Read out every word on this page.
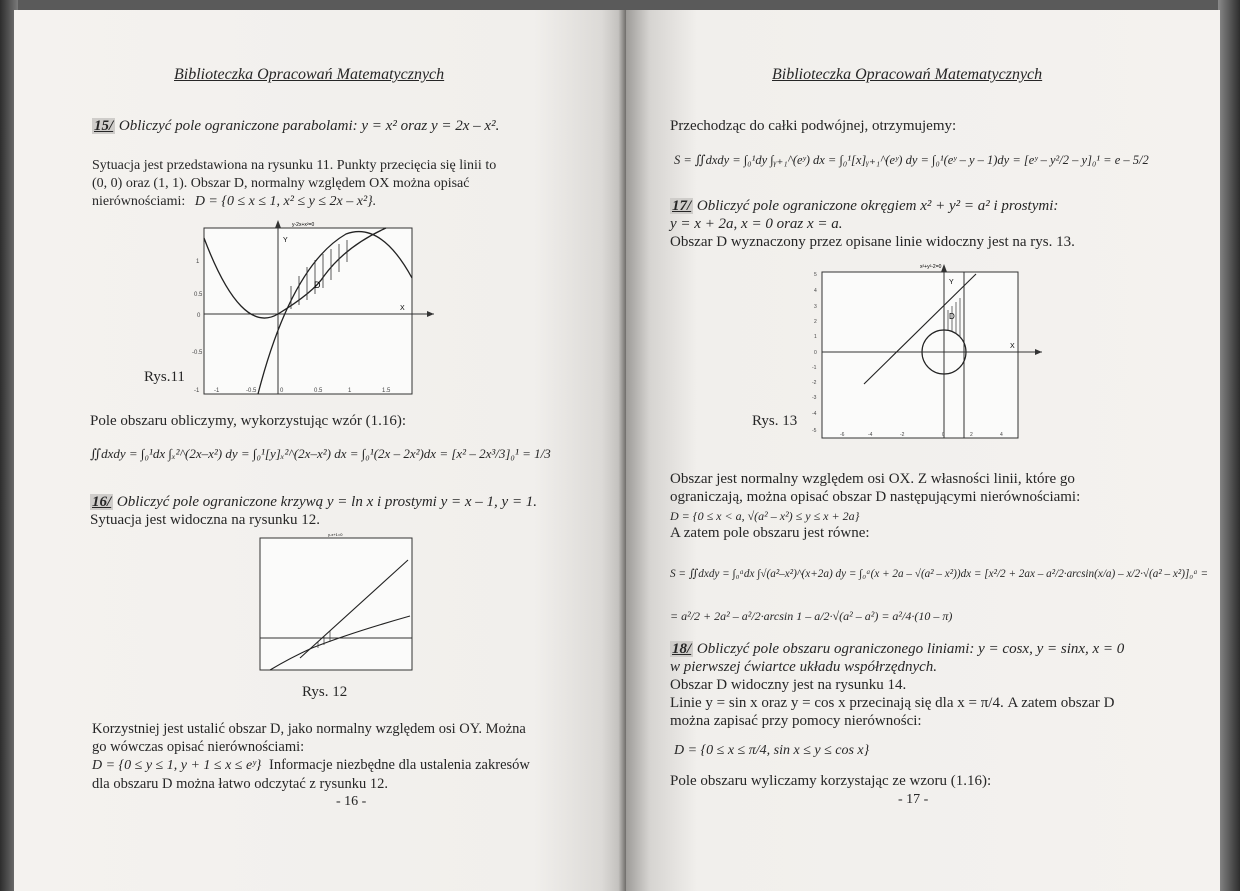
Biblioteczka Opracowań Matematycznych
15/ Obliczyć pole ograniczone parabolami: y = x² oraz y = 2x – x².
Sytuacja jest przedstawiona na rysunku 11. Punkty przecięcia się linii to
(0, 0) oraz (1, 1). Obszar D, normalny względem OX można opisać
nierównościami: D = {0 ≤ x ≤ 1, x² ≤ y ≤ 2x – x²}.
D
Y
X
y-2x+x²=0
1
0.5
0
-0.5
-1 -1	-0.5	0	0.5	1	1.5
Rys.11
Pole obszaru obliczymy, wykorzystując wzór (1.16):
∬dxdy = ∫₀¹dx ∫ₓ²^(2x–x²) dy = ∫₀¹[y]ₓ²^(2x–x²) dx = ∫₀¹(2x – 2x²)dx = [x² – 2x³/3]₀¹ = 1/3
16/ Obliczyć pole ograniczone krzywą y = ln x i prostymi y = x – 1, y = 1.
Sytuacja jest widoczna na rysunku 12.
y-x+1=0
Rys. 12
Korzystniej jest ustalić obszar D, jako normalny względem osi OY. Można
go wówczas opisać nierównościami:
D = {0 ≤ y ≤ 1, y + 1 ≤ x ≤ eʸ} Informacje niezbędne dla ustalenia zakresów
dla obszaru D można łatwo odczytać z rysunku 12.
- 16 -
Biblioteczka Opracowań Matematycznych
Przechodząc do całki podwójnej, otrzymujemy:
S = ∬dxdy = ∫₀¹dy ∫ᵧ₊₁^(eʸ) dx = ∫₀¹[x]ᵧ₊₁^(eʸ) dy = ∫₀¹(eʸ – y – 1)dy = [eʸ – y²/2 – y]₀¹ = e – 5/2
17/ Obliczyć pole ograniczone okręgiem x² + y² = a² i prostymi:
y = x + 2a, x = 0 oraz x = a.
Obszar D wyznaczony przez opisane linie widoczny jest na rys. 13.
D
Y
X
x²+y²-2=0
5
4
3
2
1
0
-1
-2
-3
-4
-5
-6	-4	-2	0	2	4
Rys. 13
Obszar jest normalny względem osi OX. Z własności linii, które go
ograniczają, można opisać obszar D następującymi nierównościami:
D = {0 ≤ x < a, √(a² – x²) ≤ y ≤ x + 2a}
A zatem pole obszaru jest równe:
S = ∬dxdy = ∫₀ᵃdx ∫√(a²–x²)^(x+2a) dy = ∫₀ᵃ(x + 2a – √(a² – x²))dx = [x²/2 + 2ax – a²/2·arcsin(x/a) – x/2·√(a² – x²)]₀ᵃ =
= a²/2 + 2a² – a²/2·arcsin 1 – a/2·√(a² – a²) = a²/4·(10 – π)
18/ Obliczyć pole obszaru ograniczonego liniami: y = cosx, y = sinx, x = 0
w pierwszej ćwiartce układu współrzędnych.
Obszar D widoczny jest na rysunku 14.
Linie y = sin x oraz y = cos x przecinają się dla x = π/4. A zatem obszar D
można zapisać przy pomocy nierówności:
D = {0 ≤ x ≤ π/4, sin x ≤ y ≤ cos x}
Pole obszaru wyliczamy korzystając ze wzoru (1.16):
- 17 -
